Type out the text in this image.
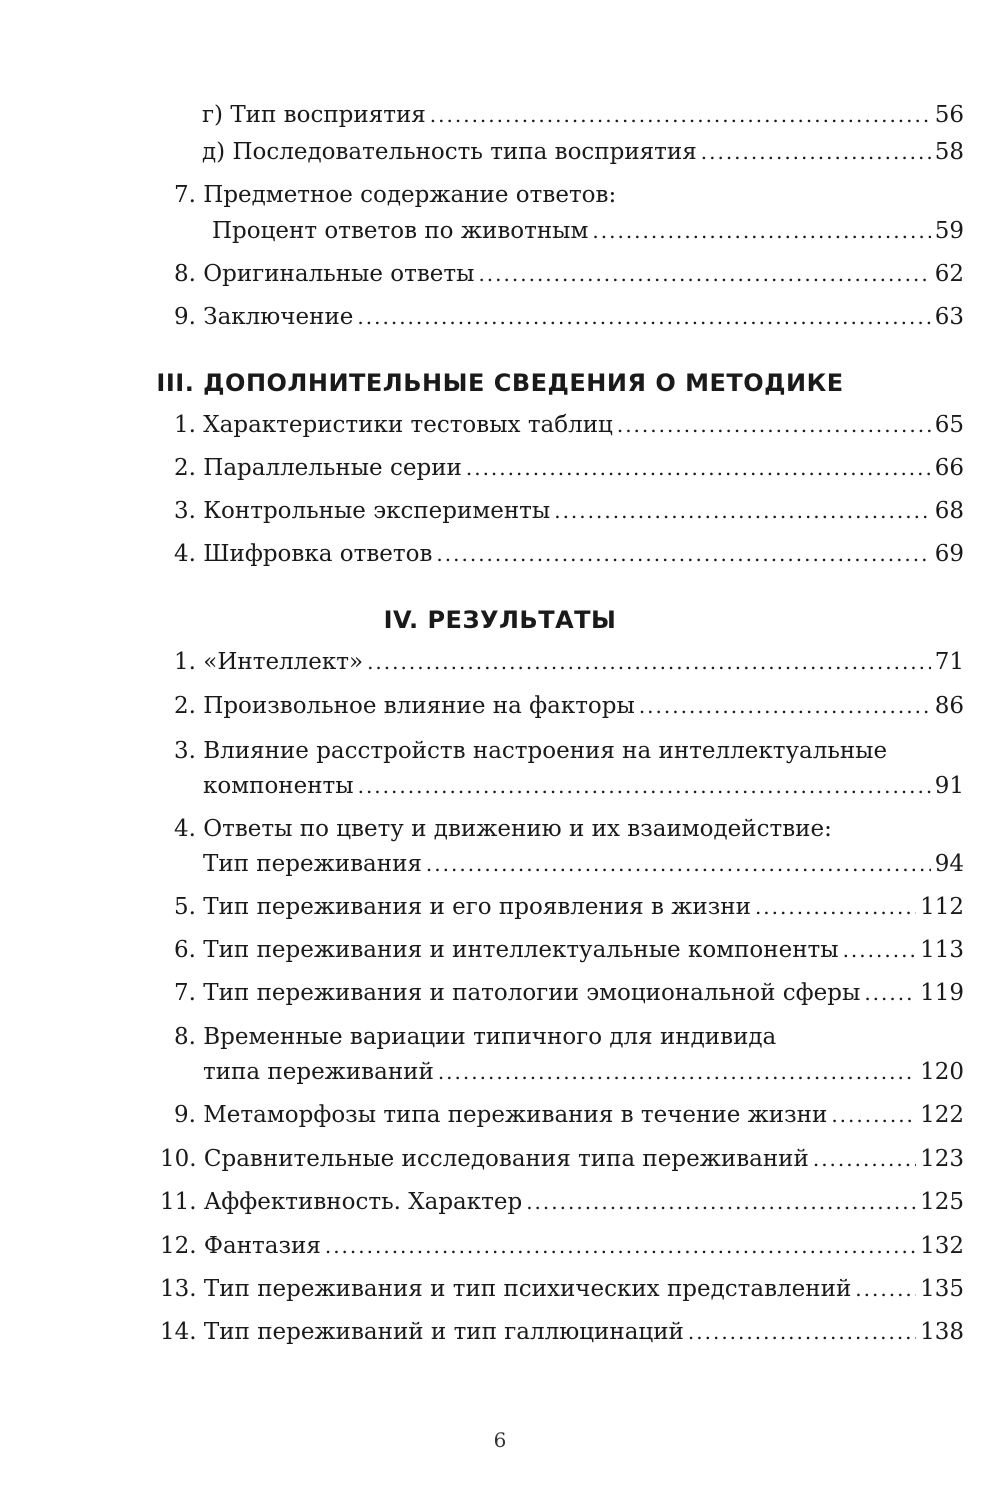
г) Тип восприятия .....	56
д) Последовательность типа восприятия .....	58
7. Предметное содержание ответов:
Процент ответов по животным .....	59
8. Оригинальные ответы .....	62
9. Заключение .....	63
III. ДОПОЛНИТЕЛЬНЫЕ СВЕДЕНИЯ О МЕТОДИКЕ
1. Характеристики тестовых таблиц .....	65
2. Параллельные серии .....	66
3. Контрольные эксперименты .....	68
4. Шифровка ответов .....	69
IV. РЕЗУЛЬТАТЫ
1. «Интеллект» .....	71
2. Произвольное влияние на факторы .....	86
3. Влияние расстройств настроения на интеллектуальные
компоненты .....	91
4. Ответы по цвету и движению и их взаимодействие:
Тип переживания .....	94
5. Тип переживания и его проявления в жизни .....	112
6. Тип переживания и интеллектуальные компоненты .....	113
7. Тип переживания и патологии эмоциональной сферы .....	119
8. Временные вариации типичного для индивида
типа переживаний .....	120
9. Метаморфозы типа переживания в течение жизни .....	122
10. Сравнительные исследования типа переживаний .....	123
11. Аффективность. Характер .....	125
12. Фантазия .....	132
13. Тип переживания и тип психических представлений .....	135
14. Тип переживаний и тип галлюцинаций .....	138
6
